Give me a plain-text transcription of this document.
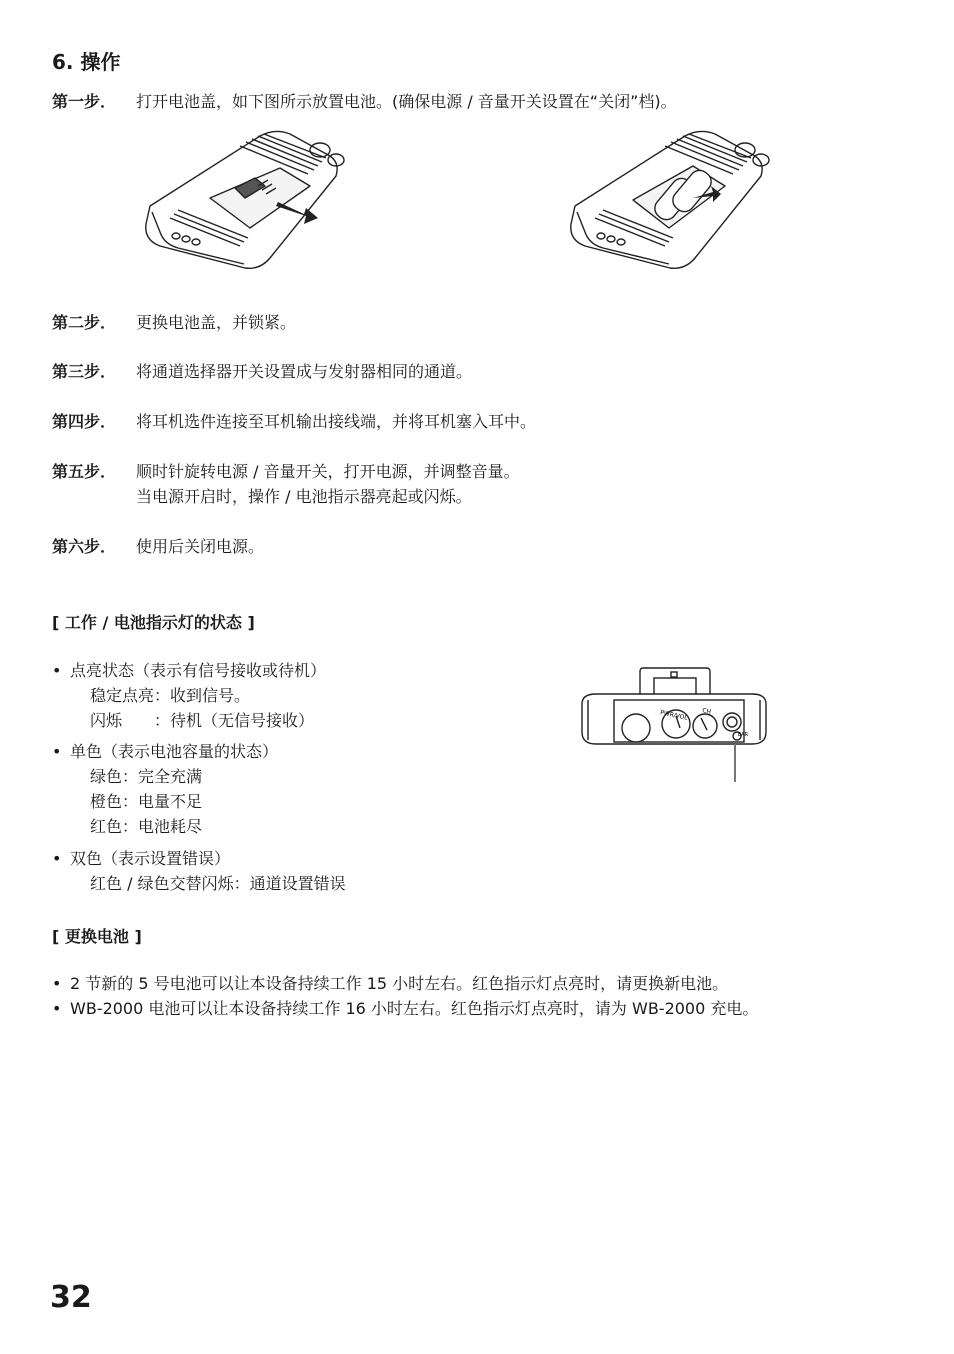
6. 操作
第一步． 打开电池盖，如下图所示放置电池。(确保电源 / 音量开关设置在“关闭”档)。
第二步． 更换电池盖，并锁紧。
第三步． 将通道选择器开关设置成与发射器相同的通道。
第四步． 将耳机选件连接至耳机输出接线端，并将耳机塞入耳中。
第五步． 顺时针旋转电源 / 音量开关，打开电源，并调整音量。
当电源开启时，操作 / 电池指示器亮起或闪烁。
第六步． 使用后关闭电源。
[ 工作 / 电池指示灯的状态 ]
• 点亮状态（表示有信号接收或待机）
稳定点亮：收到信号。
闪烁　　：待机（无信号接收）
• 单色（表示电池容量的状态）
绿色：完全充满
橙色：电量不足
红色：电池耗尽
• 双色（表示设置错误）
红色 / 绿色交替闪烁：通道设置错误
PWR/VOL CH
EAR
[ 更换电池 ]
• 2 节新的 5 号电池可以让本设备持续工作 15 小时左右。红色指示灯点亮时，请更换新电池。
• WB-2000 电池可以让本设备持续工作 16 小时左右。红色指示灯点亮时，请为 WB-2000 充电。
32
